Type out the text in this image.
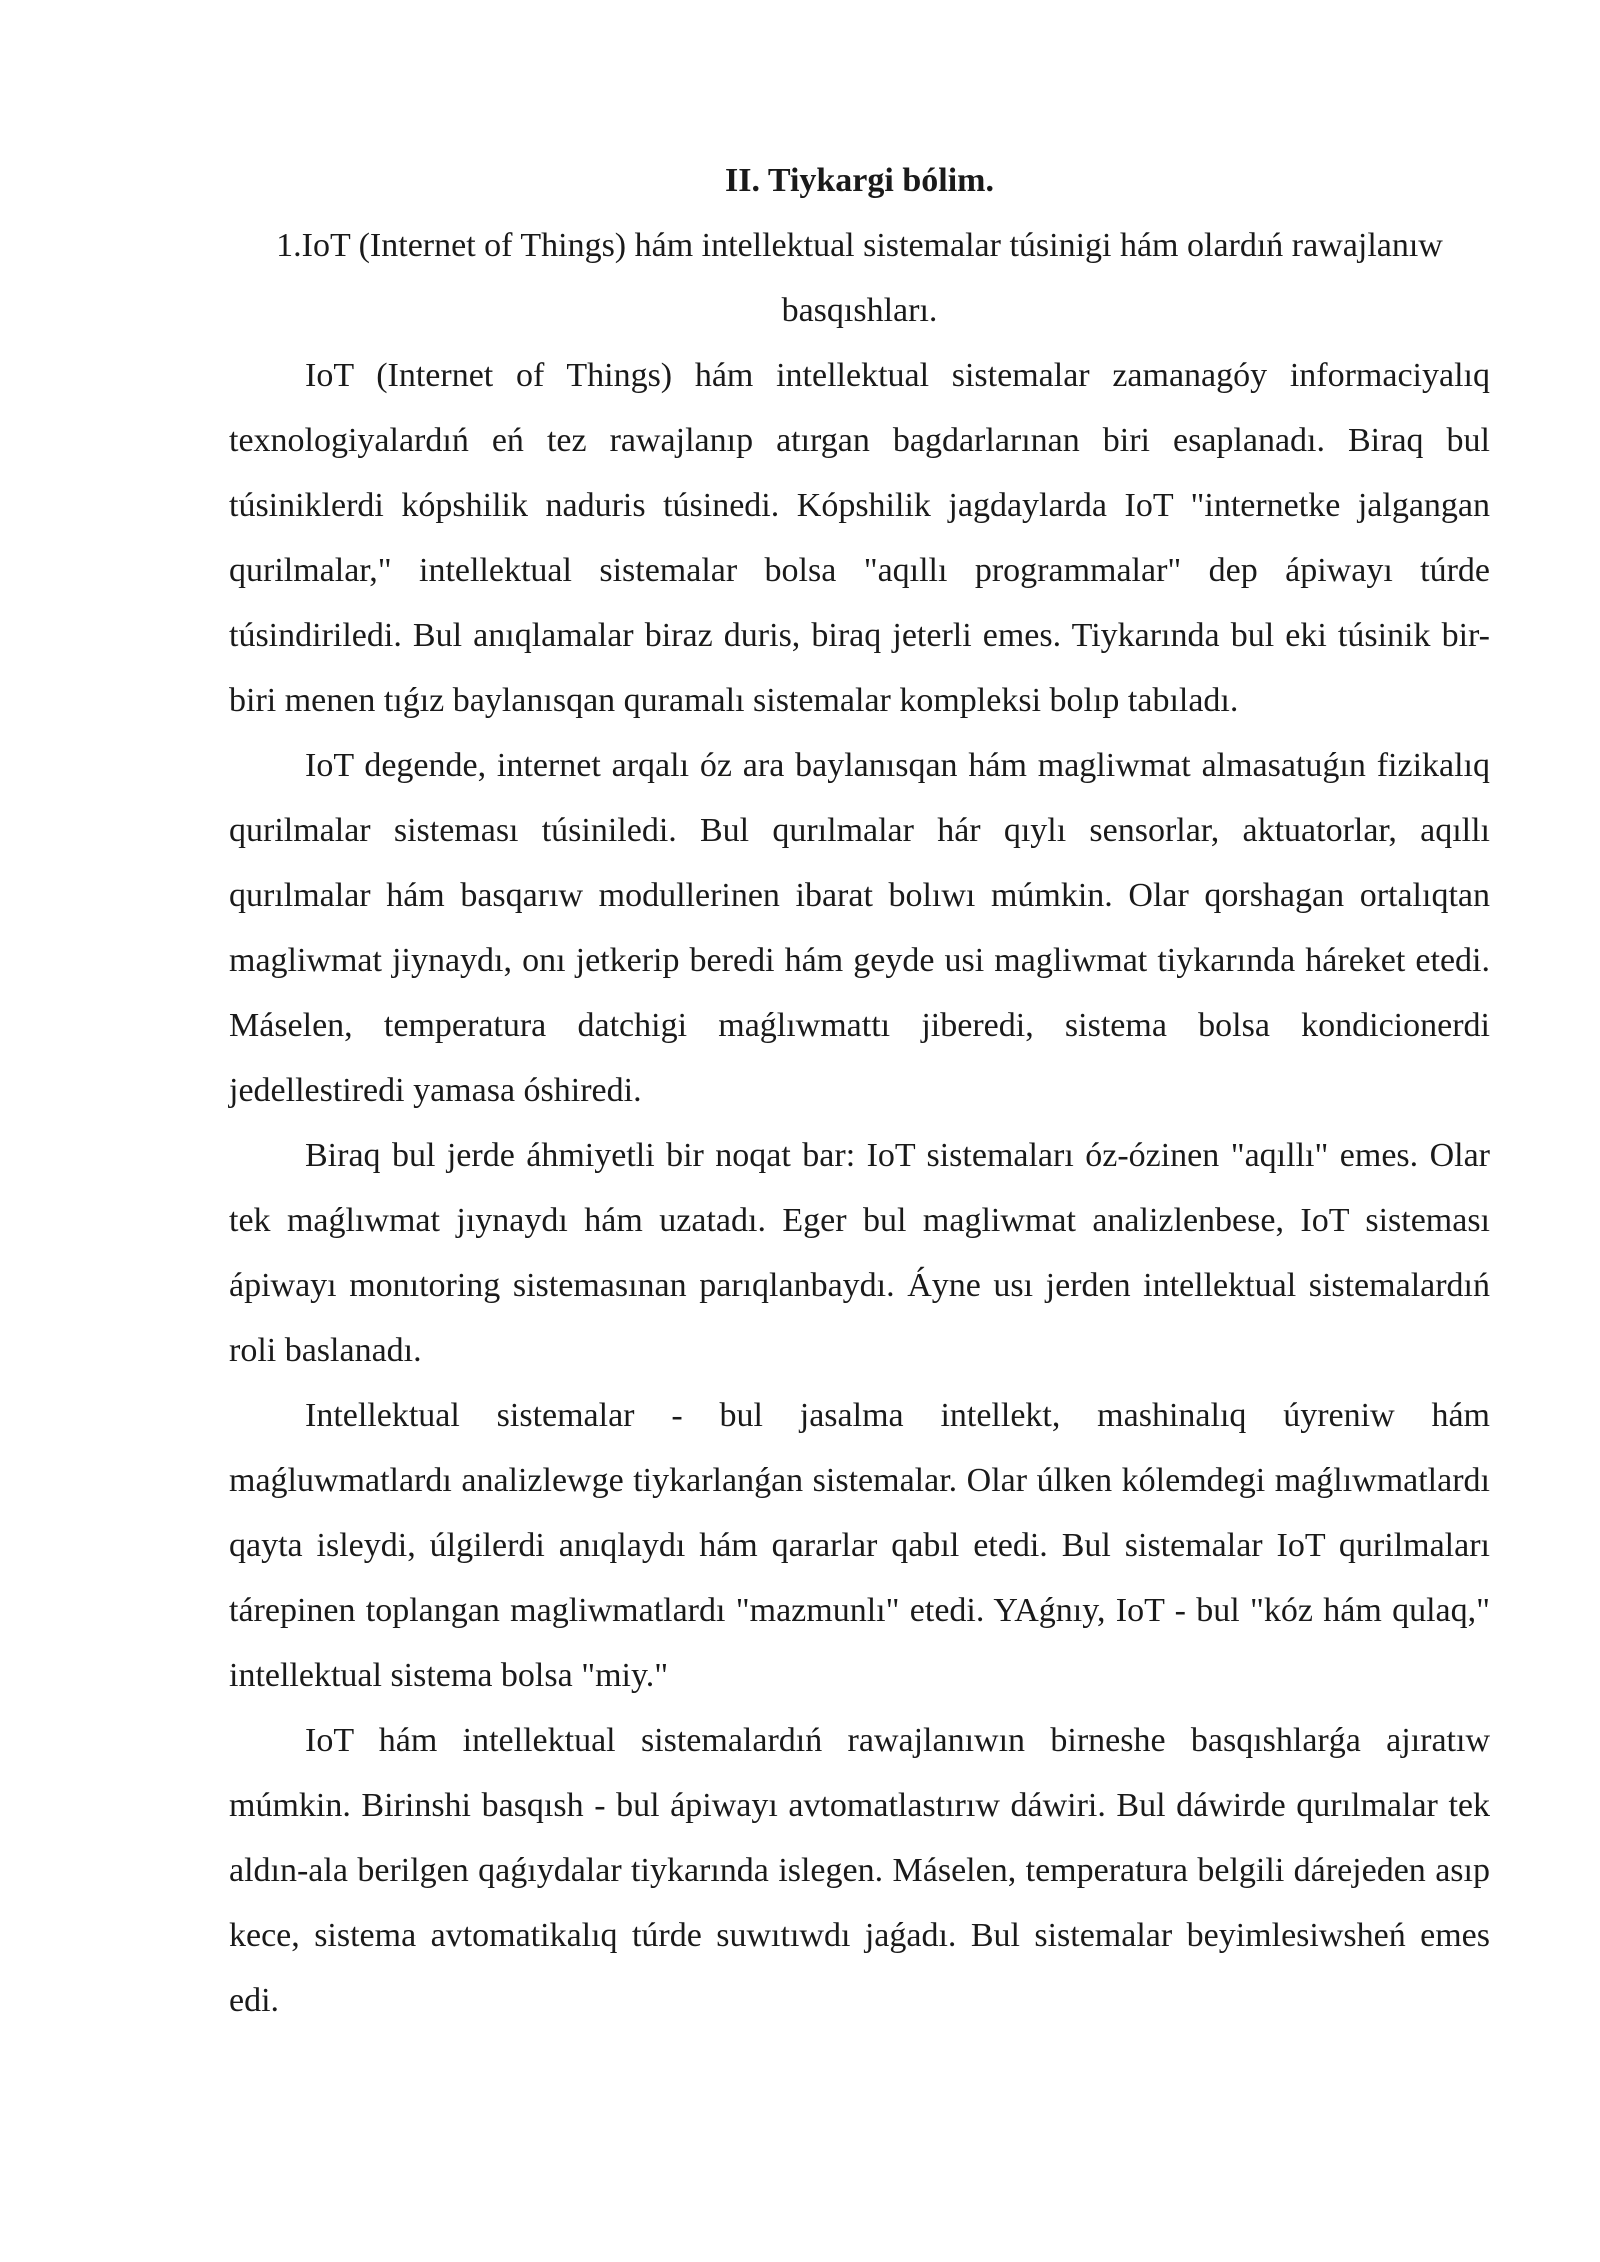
II. Tiykargi bólim.

1.IoT (Internet of Things) hám intellektual sistemalar túsinigi hám olardıń rawajlanıw basqıshları.

IoT (Internet of Things) hám intellektual sistemalar zamanagóy informaciyalıq texnologiyalardıń eń tez rawajlanıp atırgan bagdarlarınan biri esaplanadı. Biraq bul túsiniklerdi kópshilik naduris túsinedi. Kópshilik jagdaylarda IoT "internetke jalgangan qurilmalar," intellektual sistemalar bolsa "aqıllı programmalar" dep ápiwayı túrde túsindiriledi. Bul anıqlamalar biraz duris, biraq jeterli emes. Tiykarında bul eki túsinik bir-biri menen tıǵız baylanısqan quramalı sistemalar kompleksi bolıp tabıladı.

IoT degende, internet arqalı óz ara baylanısqan hám magliwmat almasatuǵın fizikalıq qurilmalar sisteması túsiniledi. Bul qurılmalar hár qıylı sensorlar, aktuatorlar, aqıllı qurılmalar hám basqarıw modullerinen ibarat bolıwı múmkin. Olar qorshagan ortalıqtan magliwmat jiynaydı, onı jetkerip beredi hám geyde usi magliwmat tiykarında háreket etedi. Máselen, temperatura datchigi maǵlıwmattı jiberedi, sistema bolsa kondicionerdi jedellestiredi yamasa óshiredi.

Biraq bul jerde áhmiyetli bir noqat bar: IoT sistemaları óz-ózinen "aqıllı" emes. Olar tek maǵlıwmat jıynaydı hám uzatadı. Eger bul magliwmat analizlenbese, IoT sisteması ápiwayı monıtoring sistemasınan parıqlanbaydı. Áyne usı jerden intellektual sistemalardıń roli baslanadı.

Intellektual sistemalar - bul jasalma intellekt, mashinalıq úyreniw hám maǵluwmatlardı analizlewge tiykarlanǵan sistemalar. Olar úlken kólemdegi maǵlıwmatlardı qayta isleydi, úlgilerdi anıqlaydı hám qararlar qabıl etedi. Bul sistemalar IoT qurilmaları tárepinen toplangan magliwmatlardı "mazmunlı" etedi. YAǵnıy, IoT - bul "kóz hám qulaq," intellektual sistema bolsa "miy."

IoT hám intellektual sistemalardıń rawajlanıwın birneshe basqıshlarǵa ajıratıw múmkin. Birinshi basqısh - bul ápiwayı avtomatlastırıw dáwiri. Bul dáwirde qurılmalar tek aldın-ala berilgen qaǵıydalar tiykarında islegen. Máselen, temperatura belgili dárejeden asıp kece, sistema avtomatikalıq túrde suwıtıwdı jaǵadı. Bul sistemalar beyimlesiwsheń emes edi.
